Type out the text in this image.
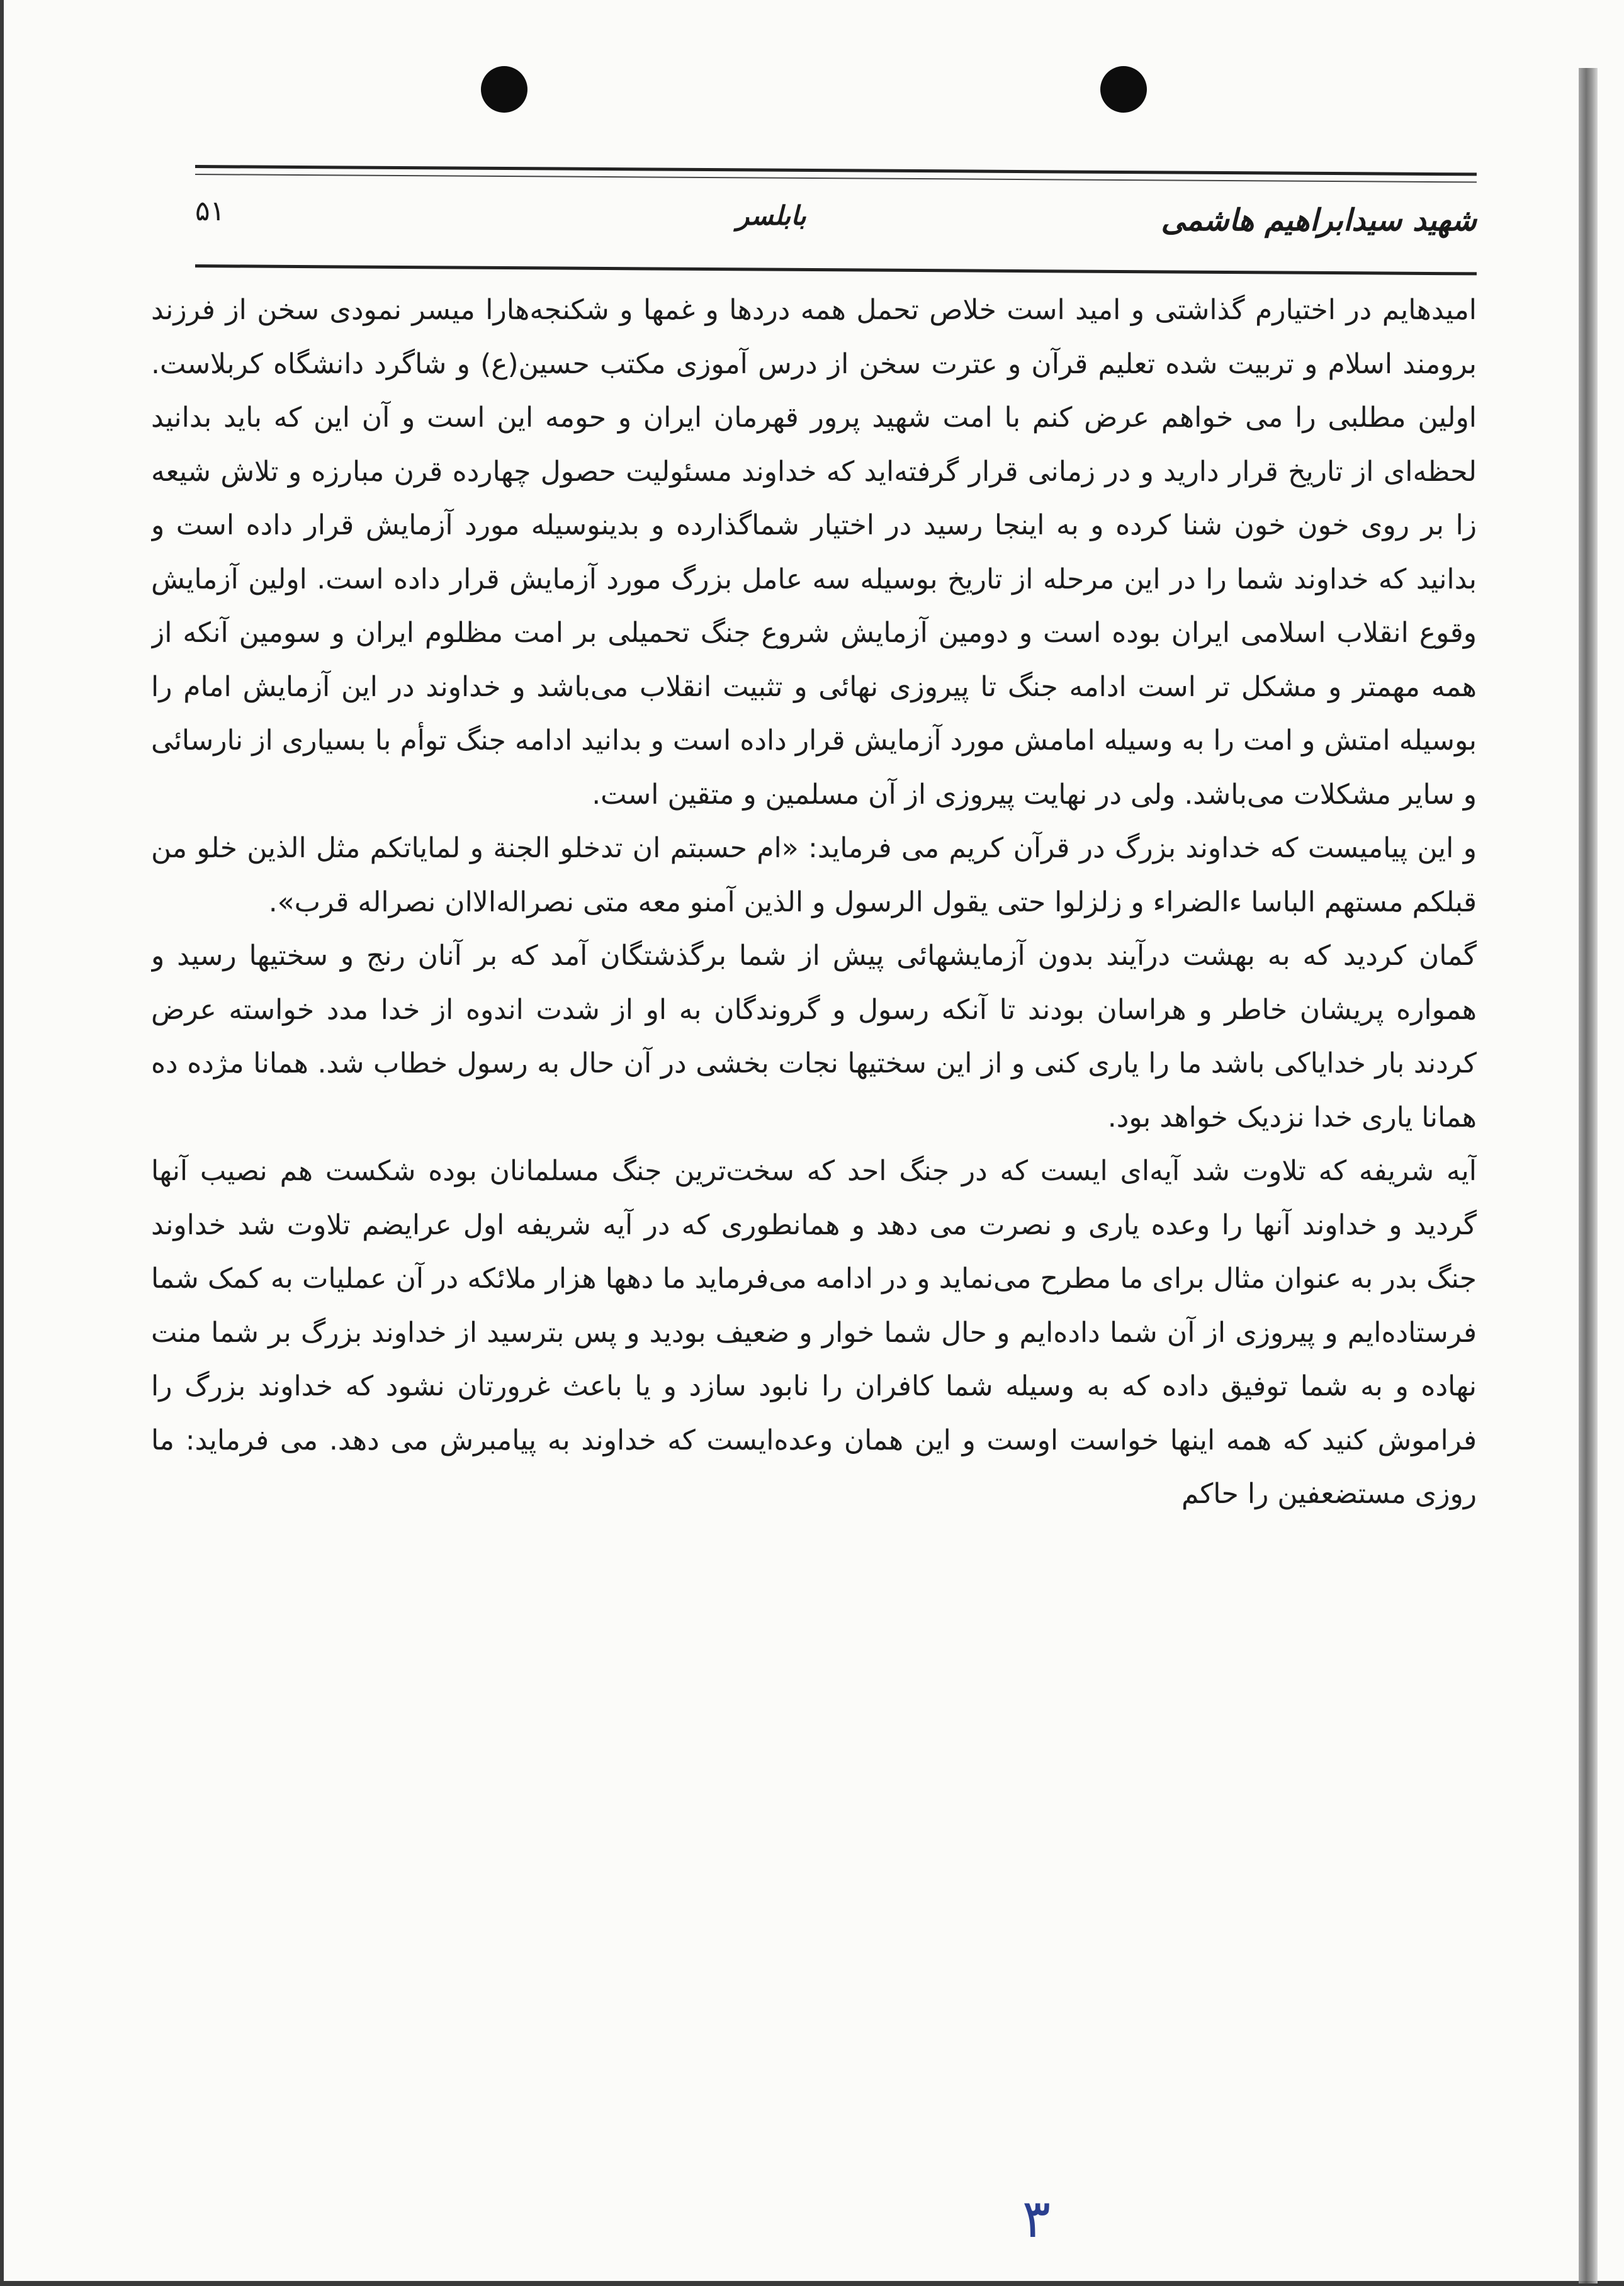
شهید سیدابراهیم هاشمی
بابلسر
۵۱

امیدهایم در اختیارم گذاشتی و امید است خلاص تحمل همه دردها و غمها و شکنجه‌هارا میسر نمودی سخن از فرزند برومند اسلام و تربیت شده تعلیم قرآن و عترت سخن از درس آموزی مکتب حسین(ع) و شاگرد دانشگاه کربلاست. اولین مطلبی را می خواهم عرض کنم با امت شهید پرور قهرمان ایران و حومه این است و آن این که باید بدانید لحظه‌ای از تاریخ قرار دارید و در زمانی قرار گرفته‌اید که خداوند مسئولیت حصول چهارده قرن مبارزه و تلاش شیعه زا بر روی خون خون شنا کرده و به اینجا رسید در اختیار شماگذارده و بدینوسیله مورد آزمایش قرار داده است و بدانید که خداوند شما را در این مرحله از تاریخ بوسیله سه عامل بزرگ مورد آزمایش قرار داده است. اولین آزمایش وقوع انقلاب اسلامی ایران بوده است و دومین آزمایش شروع جنگ تحمیلی بر امت مظلوم ایران و سومین آنکه از همه مهمتر و مشکل تر است ادامه جنگ تا پیروزی نهائی و تثبیت انقلاب می‌باشد و خداوند در این آزمایش امام را بوسیله امتش و امت را به وسیله امامش مورد آزمایش قرار داده است و بدانید ادامه جنگ توأم با بسیاری از نارسائی و سایر مشکلات می‌باشد. ولی در نهایت پیروزی از آن مسلمین و متقین است.

و این پیامیست که خداوند بزرگ در قرآن کریم می فرماید: «ام حسبتم ان تدخلو الجنة و لمایاتکم مثل الذین خلو من قبلکم مستهم الباسا ءالضراء و زلزلوا حتی یقول الرسول و الذین آمنو معه متی نصراله‌الاان نصراله قرب».

گمان کردید که به بهشت درآیند بدون آزمایشهائی پیش از شما برگذشتگان آمد که بر آنان رنج و سختیها رسید و همواره پریشان خاطر و هراسان بودند تا آنکه رسول و گروندگان به او از شدت اندوه از خدا مدد خواسته عرض کردند بار خدایاکی باشد ما را یاری کنی و از این سختیها نجات بخشی در آن حال به رسول خطاب شد. همانا مژده ده همانا یاری خدا نزدیک خواهد بود.

آیه شریفه که تلاوت شد آیه‌ای ایست که در جنگ احد که سخت‌ترین جنگ مسلمانان بوده شکست هم نصیب آنها گردید و خداوند آنها را وعده یاری و نصرت می دهد و همانطوری که در آیه شریفه اول عرایضم تلاوت شد خداوند جنگ بدر به عنوان مثال برای ما مطرح می‌نماید و در ادامه می‌فرماید ما دهها هزار ملائکه در آن عملیات به کمک شما فرستاده‌ایم و پیروزی از آن شما داده‌ایم و حال شما خوار و ضعیف بودید و پس بترسید از خداوند بزرگ بر شما منت نهاده و به شما توفیق داده که به وسیله شما کافران را نابود سازد و یا باعث غرورتان نشود که خداوند بزرگ را فراموش کنید که همه اینها خواست اوست و این همان وعده‌ایست که خداوند به پیامبرش می دهد. می فرماید: ما روزی مستضعفین را حاکم

۳
